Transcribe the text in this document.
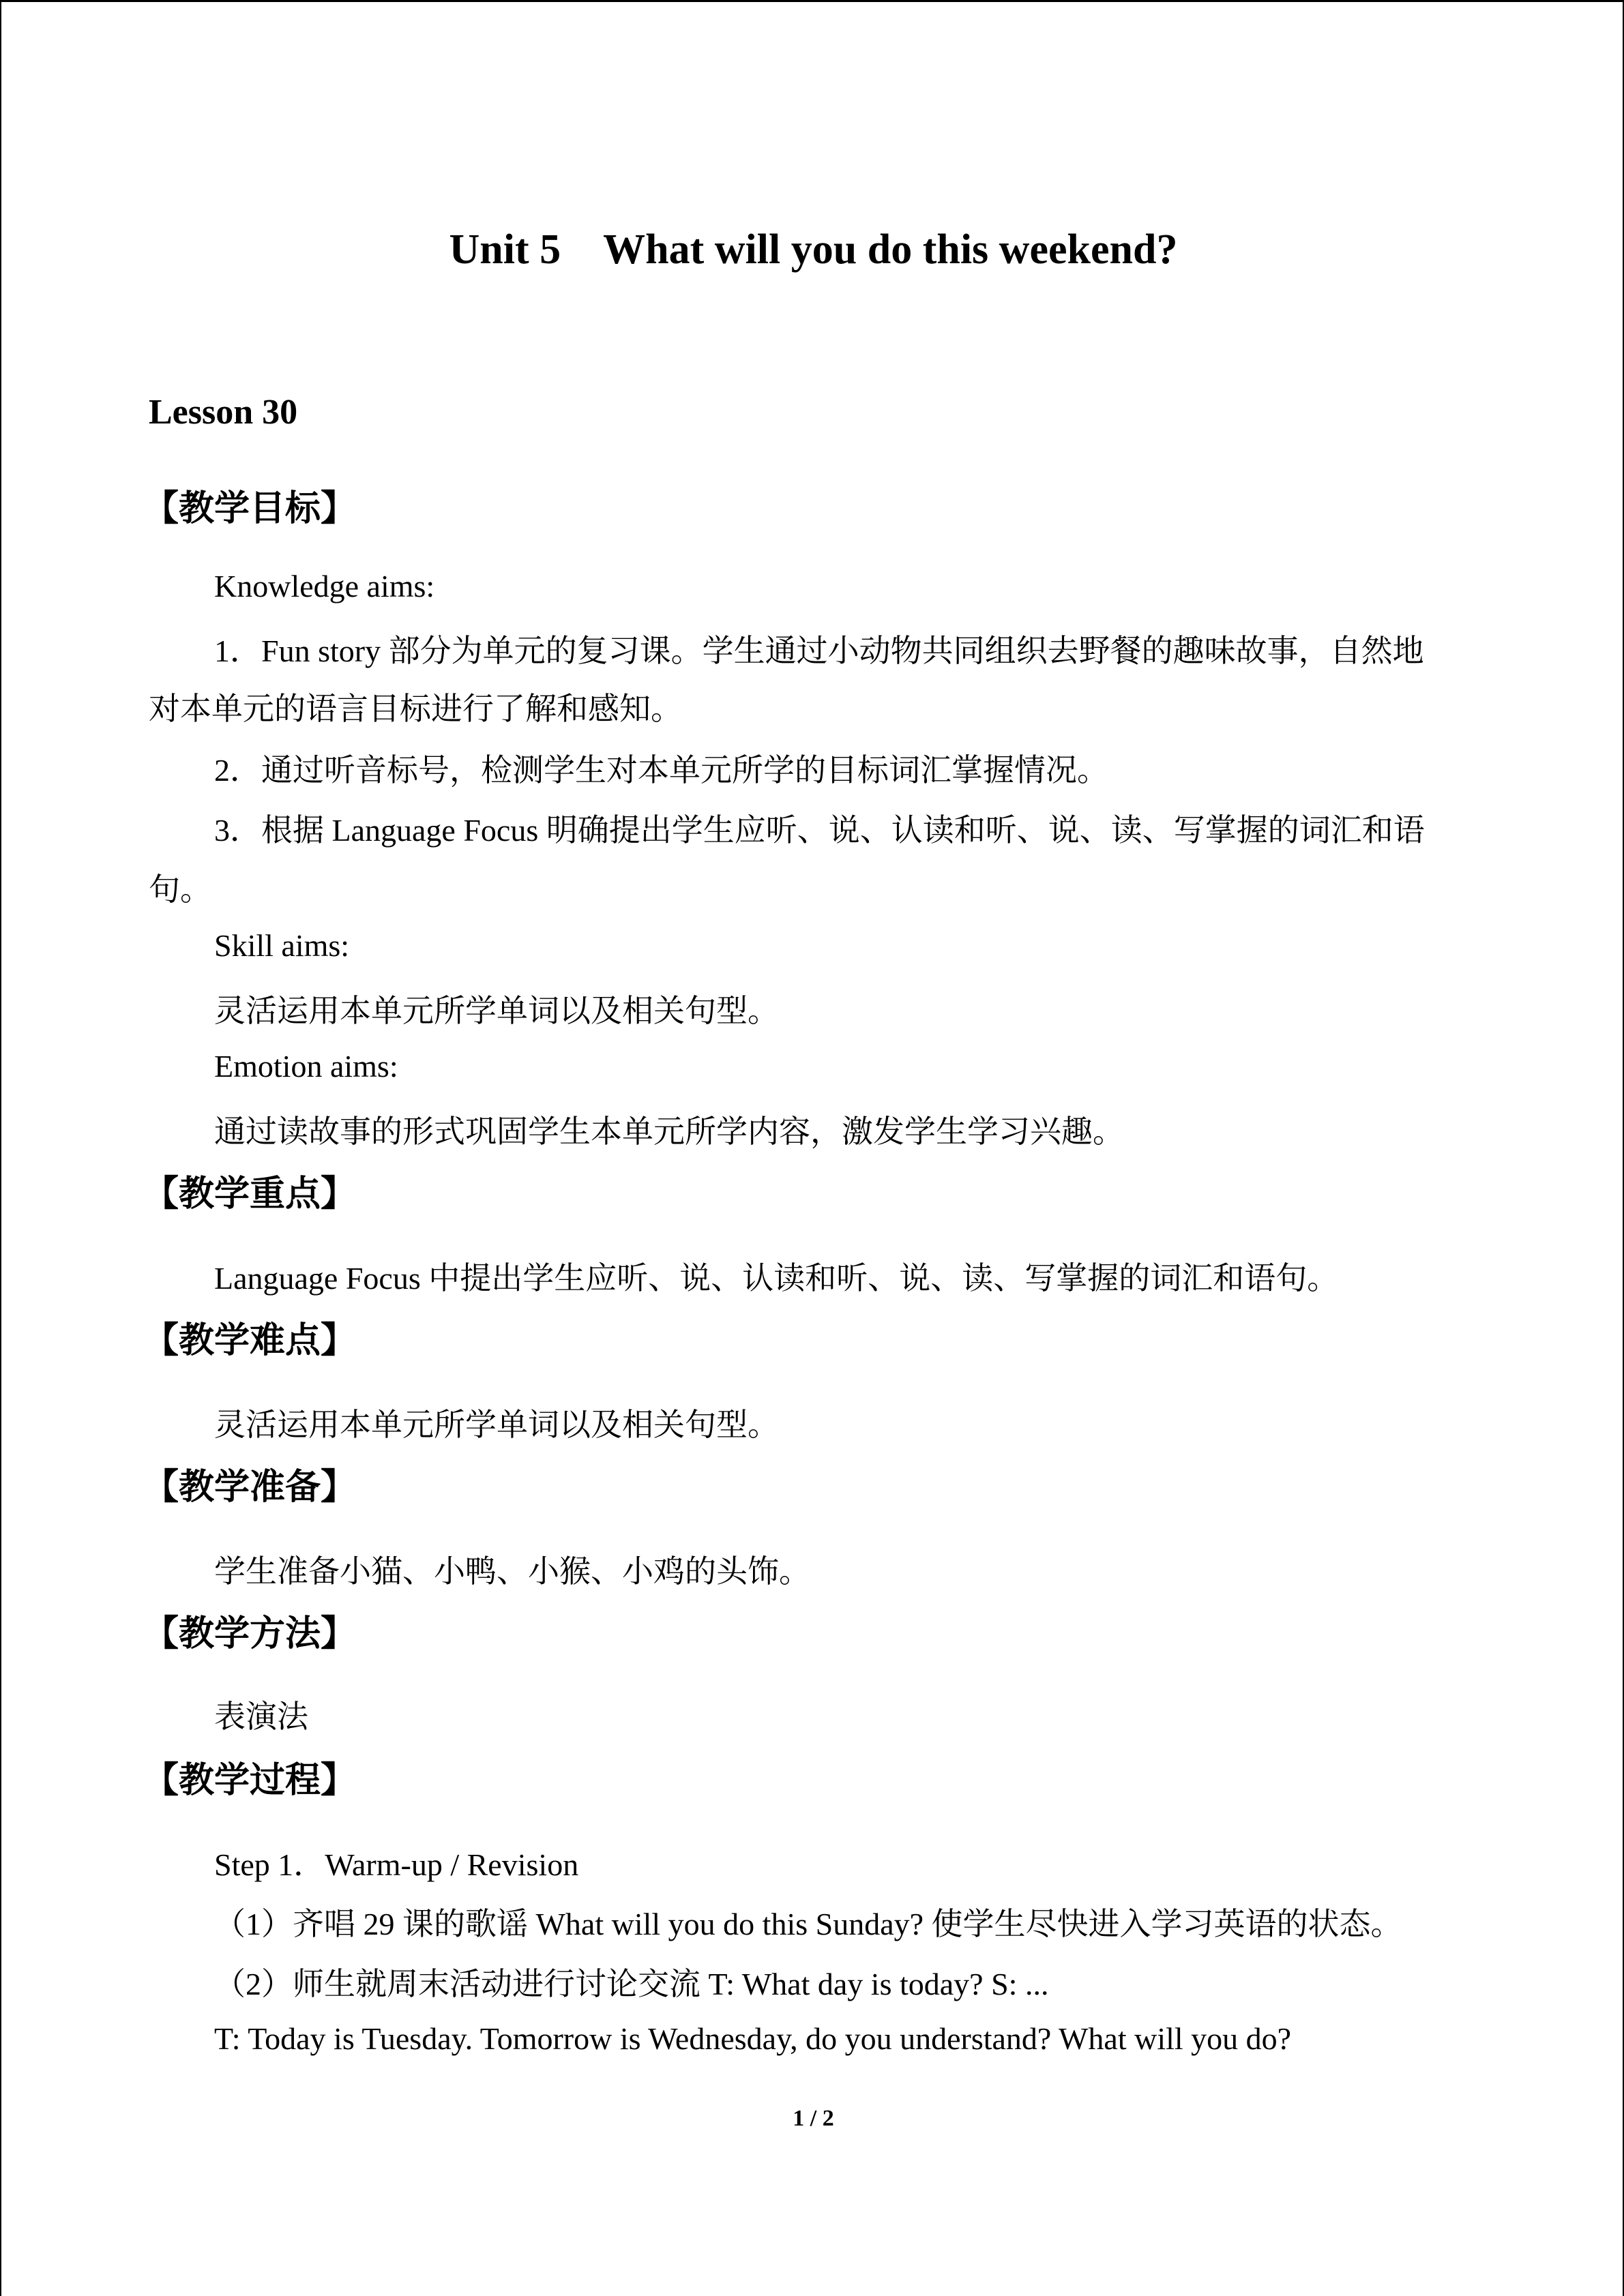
Unit 5　What will you do this weekend?
Lesson 30
【教学目标】
Knowledge aims:
1．Fun story 部分为单元的复习课。学生通过小动物共同组织去野餐的趣味故事，自然地
对本单元的语言目标进行了解和感知。
2．通过听音标号，检测学生对本单元所学的目标词汇掌握情况。
3．根据 Language Focus 明确提出学生应听、说、认读和听、说、读、写掌握的词汇和语
句。
Skill aims:
灵活运用本单元所学单词以及相关句型。
Emotion aims:
通过读故事的形式巩固学生本单元所学内容，激发学生学习兴趣。
【教学重点】
Language Focus 中提出学生应听、说、认读和听、说、读、写掌握的词汇和语句。
【教学难点】
灵活运用本单元所学单词以及相关句型。
【教学准备】
学生准备小猫、小鸭、小猴、小鸡的头饰。
【教学方法】
表演法
【教学过程】
Step 1．Warm-up / Revision
（1）齐唱 29 课的歌谣 What will you do this Sunday? 使学生尽快进入学习英语的状态。
（2）师生就周末活动进行讨论交流 T: What day is today? S: ...
T: Today is Tuesday. Tomorrow is Wednesday, do you understand? What will you do?
1 / 2
